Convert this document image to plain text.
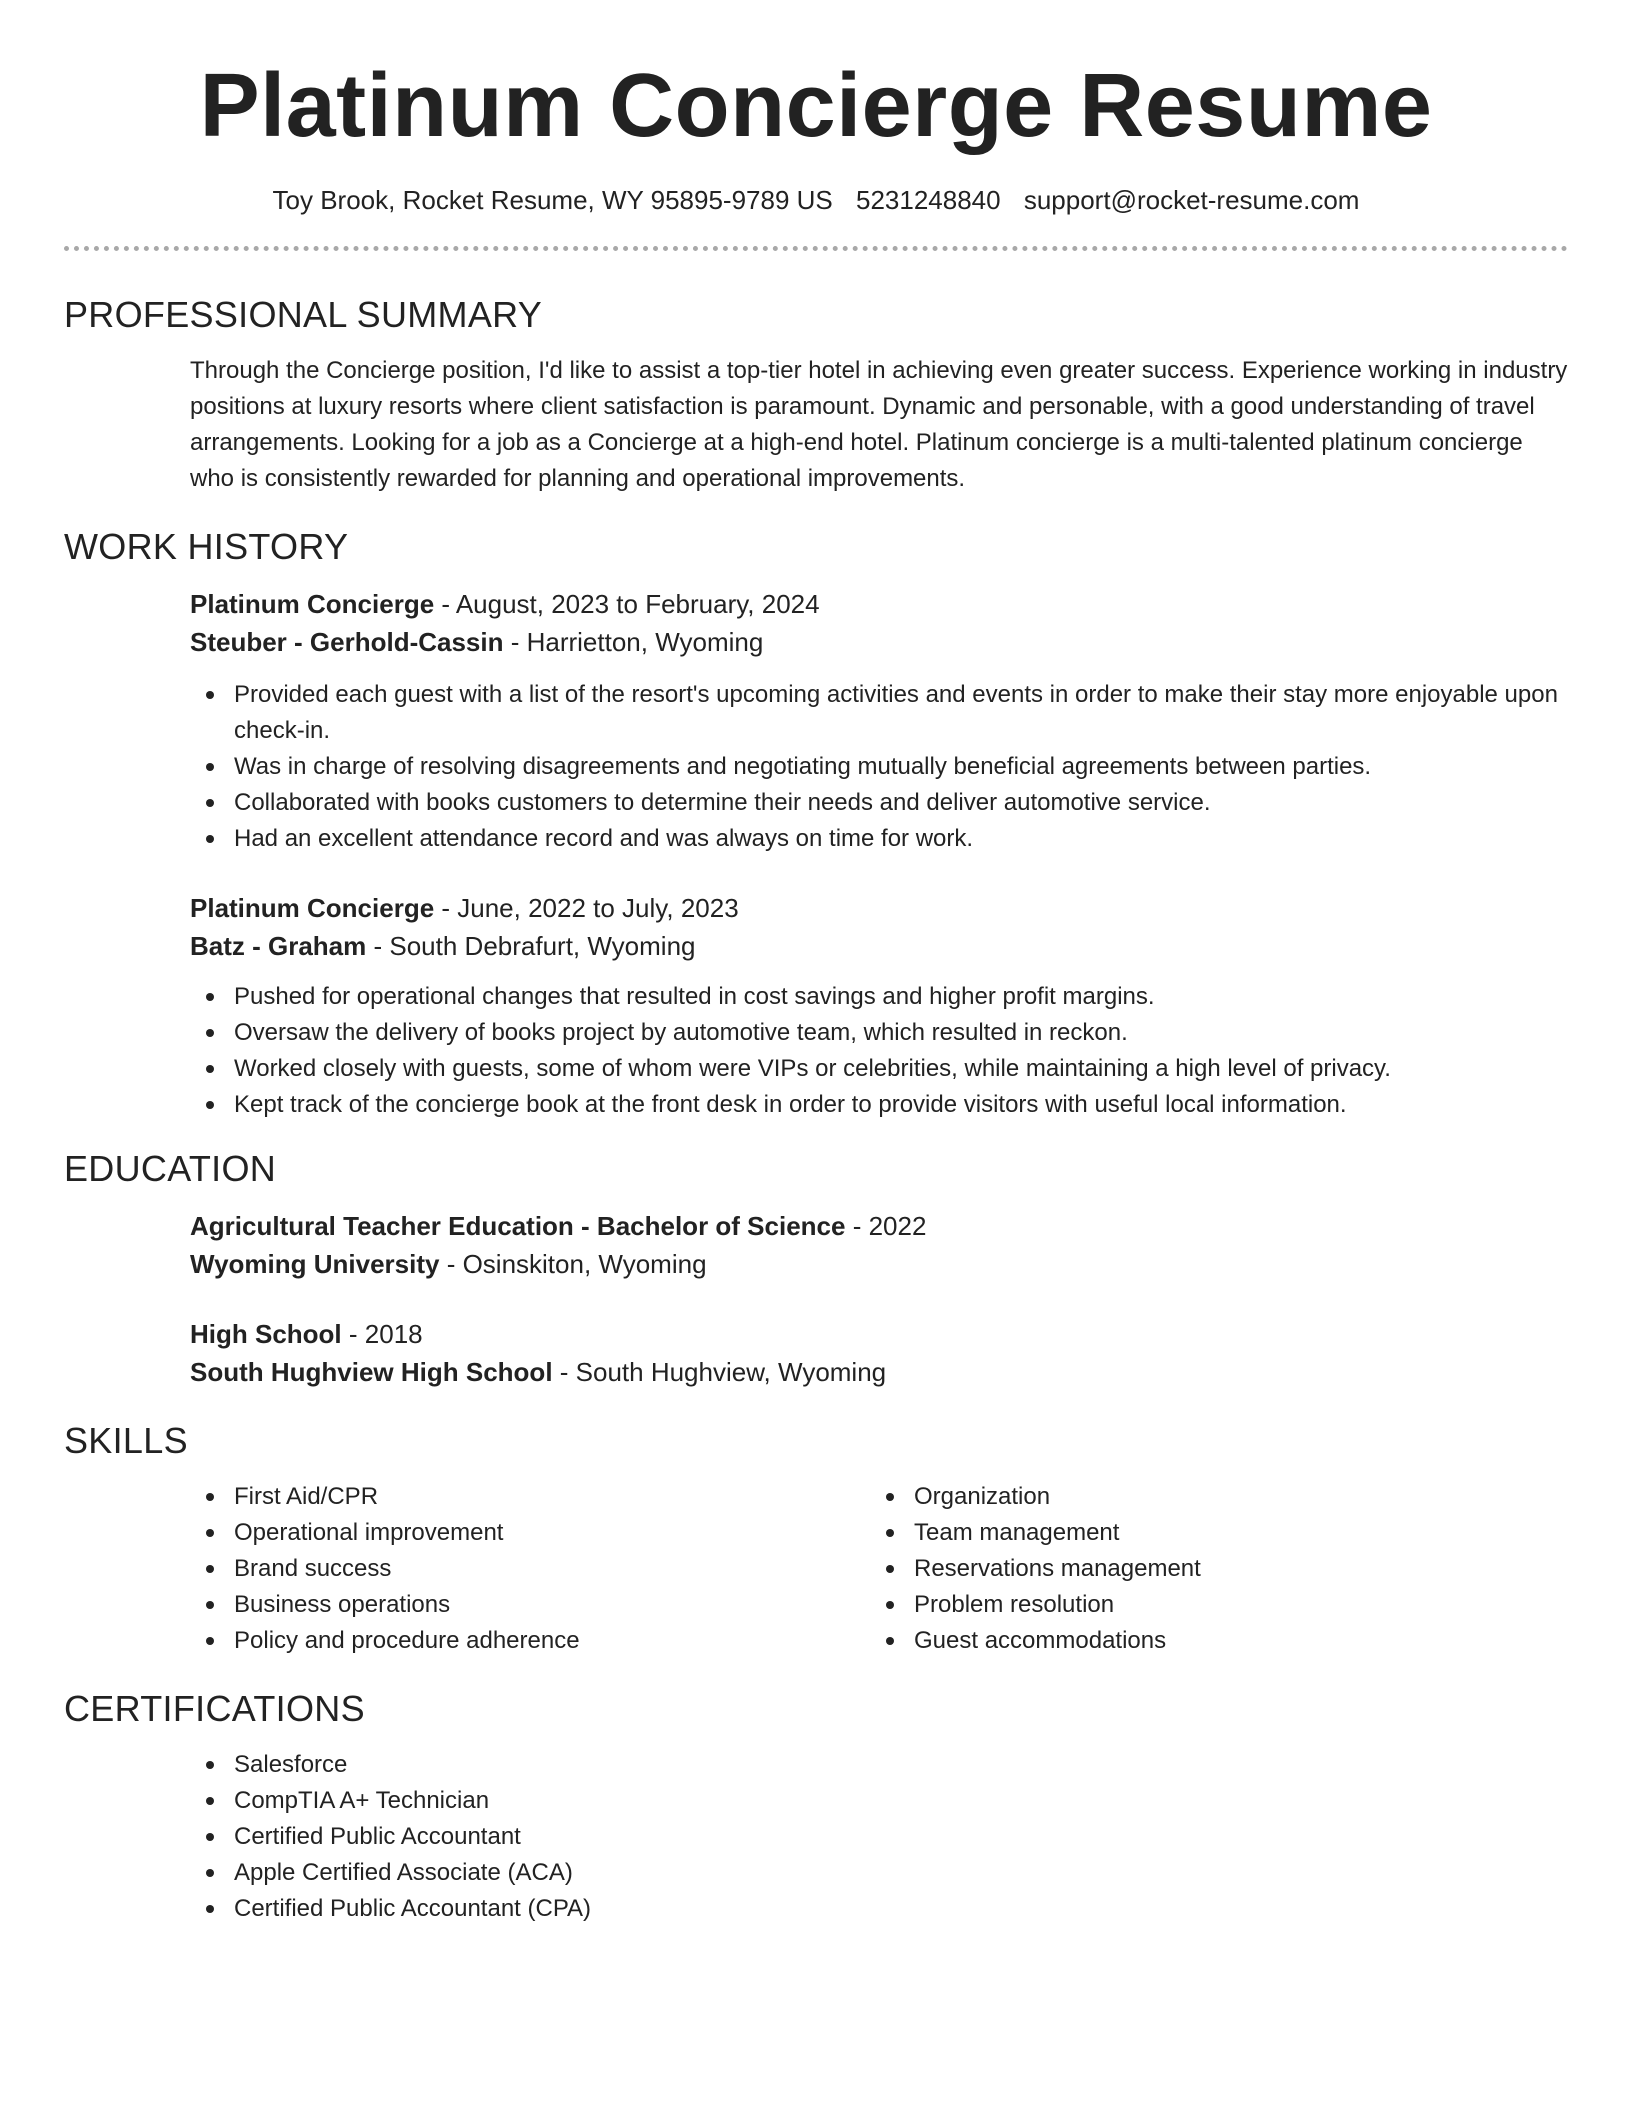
Platinum Concierge Resume
Toy Brook, Rocket Resume, WY 95895-9789 US 5231248840 support@rocket-resume.com
PROFESSIONAL SUMMARY

Through the Concierge position, I'd like to assist a top-tier hotel in achieving even greater success. Experience working in industry positions at luxury resorts where client satisfaction is paramount. Dynamic and personable, with a good understanding of travel arrangements. Looking for a job as a Concierge at a high-end hotel. Platinum concierge is a multi-talented platinum concierge who is consistently rewarded for planning and operational improvements.

WORK HISTORY
Platinum Concierge - August, 2023 to February, 2024
Steuber - Gerhold-Cassin - Harrietton, Wyoming
Provided each guest with a list of the resort's upcoming activities and events in order to make their stay more enjoyable upon check-in.
Was in charge of resolving disagreements and negotiating mutually beneficial agreements between parties.
Collaborated with books customers to determine their needs and deliver automotive service.
Had an excellent attendance record and was always on time for work.
Platinum Concierge - June, 2022 to July, 2023
Batz - Graham - South Debrafurt, Wyoming
Pushed for operational changes that resulted in cost savings and higher profit margins.
Oversaw the delivery of books project by automotive team, which resulted in reckon.
Worked closely with guests, some of whom were VIPs or celebrities, while maintaining a high level of privacy.
Kept track of the concierge book at the front desk in order to provide visitors with useful local information.
EDUCATION
Agricultural Teacher Education - Bachelor of Science - 2022
Wyoming University - Osinskiton, Wyoming
High School - 2018
South Hughview High School - South Hughview, Wyoming
SKILLS
First Aid/CPR
Operational improvement
Brand success
Business operations
Policy and procedure adherence
Organization
Team management
Reservations management
Problem resolution
Guest accommodations
CERTIFICATIONS
Salesforce
CompTIA A+ Technician
Certified Public Accountant
Apple Certified Associate (ACA)
Certified Public Accountant (CPA)
